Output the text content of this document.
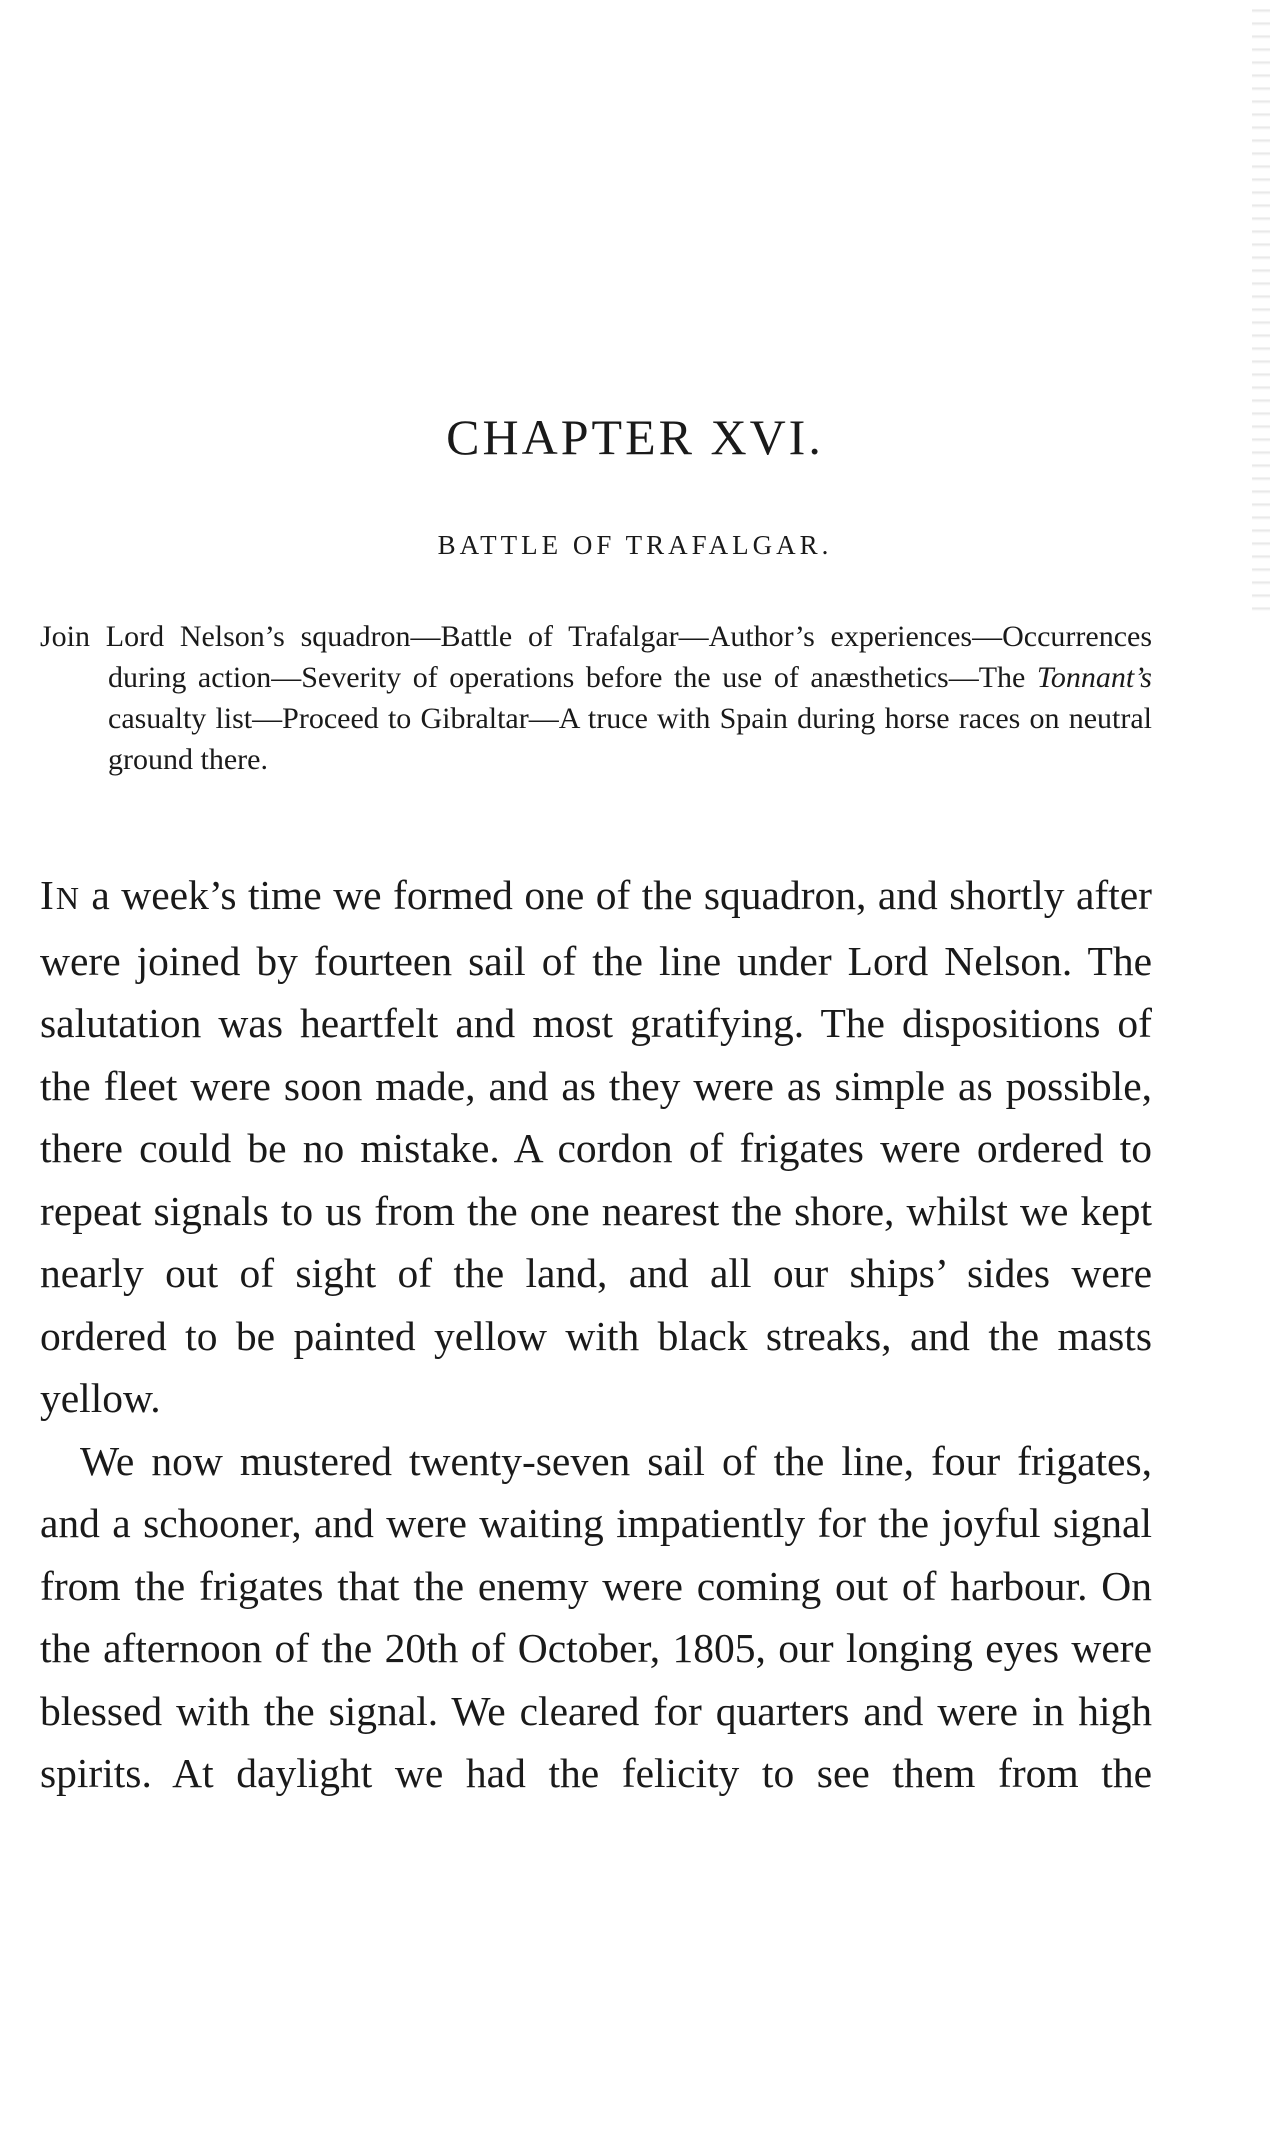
CHAPTER XVI.
BATTLE OF TRAFALGAR.

Join Lord Nelson’s squadron—Battle of Trafalgar—Author’s experiences—Occurrences during action—Severity of operations before the use of anæsthetics—The Tonnant’s casualty list—Proceed to Gibraltar—A truce with Spain during horse races on neutral ground there.

IN a week’s time we formed one of the squadron, and shortly after were joined by fourteen sail of the line under Lord Nelson. The salutation was heartfelt and most gratifying. The dispositions of the fleet were soon made, and as they were as simple as possible, there could be no mistake. A cordon of frigates were ordered to repeat signals to us from the one nearest the shore, whilst we kept nearly out of sight of the land, and all our ships’ sides were ordered to be painted yellow with black streaks, and the masts yellow.

We now mustered twenty-seven sail of the line, four frigates, and a schooner, and were waiting impatiently for the joyful signal from the frigates that the enemy were coming out of harbour. On the afternoon of the 20th of October, 1805, our longing eyes were blessed with the signal. We cleared for quarters and were in high spirits. At daylight we had the felicity to see them from the
